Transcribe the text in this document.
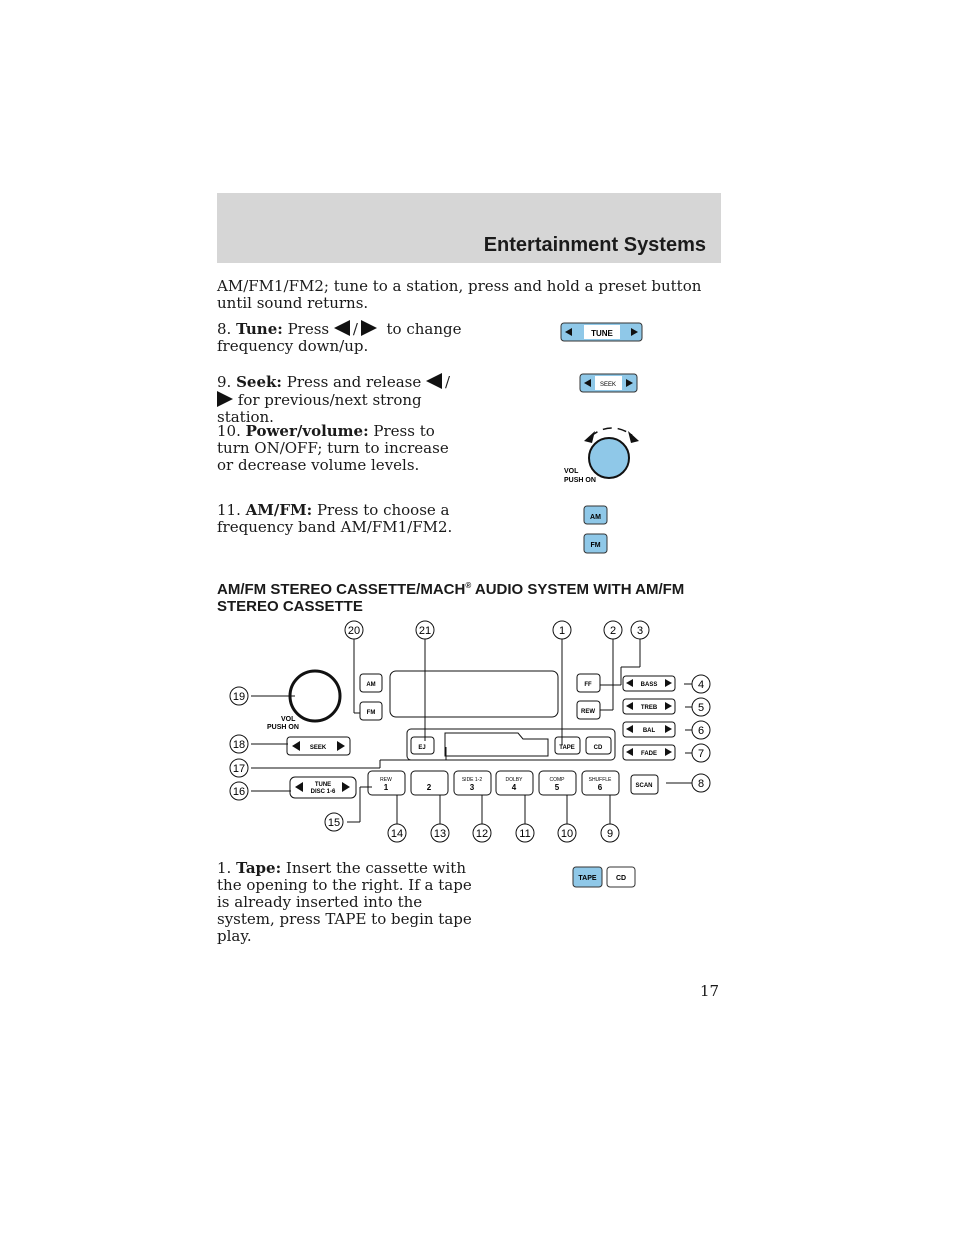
Entertainment Systems
AM/FM1/FM2; tune to a station, press and hold a preset button until sound returns.
8. Tune: Press / to change frequency down/up.
9. Seek: Press and release / for previous/next strong station.
10. Power/volume: Press to turn ON/OFF; turn to increase or decrease volume levels.
11. AM/FM: Press to choose a frequency band AM/FM1/FM2.
TUNE
SEEK
VOL
PUSH ON
AM
FM
AM/FM STEREO CASSETTE/MACH® AUDIO SYSTEM WITH AM/FM
STEREO CASSETTE
VOL
PUSH ON
AM
FM
FF
REW
EJ	TAPE	CD
BASS
TREB
BAL
FADE
SCAN
SEEK
TUNE
DISC 1-6
REW
1	2
SIDE 1-2
3
DOLBY
4
COMP
5
SHUFFLE
6
1	2 3
4
5
6
7
8
9
10
11
12
13
14
15
16
17
18
19
20	21
1. Tape: Insert the cassette with the opening to the right. If a tape is already inserted into the system, press TAPE to begin tape play.
TAPE	CD
17
